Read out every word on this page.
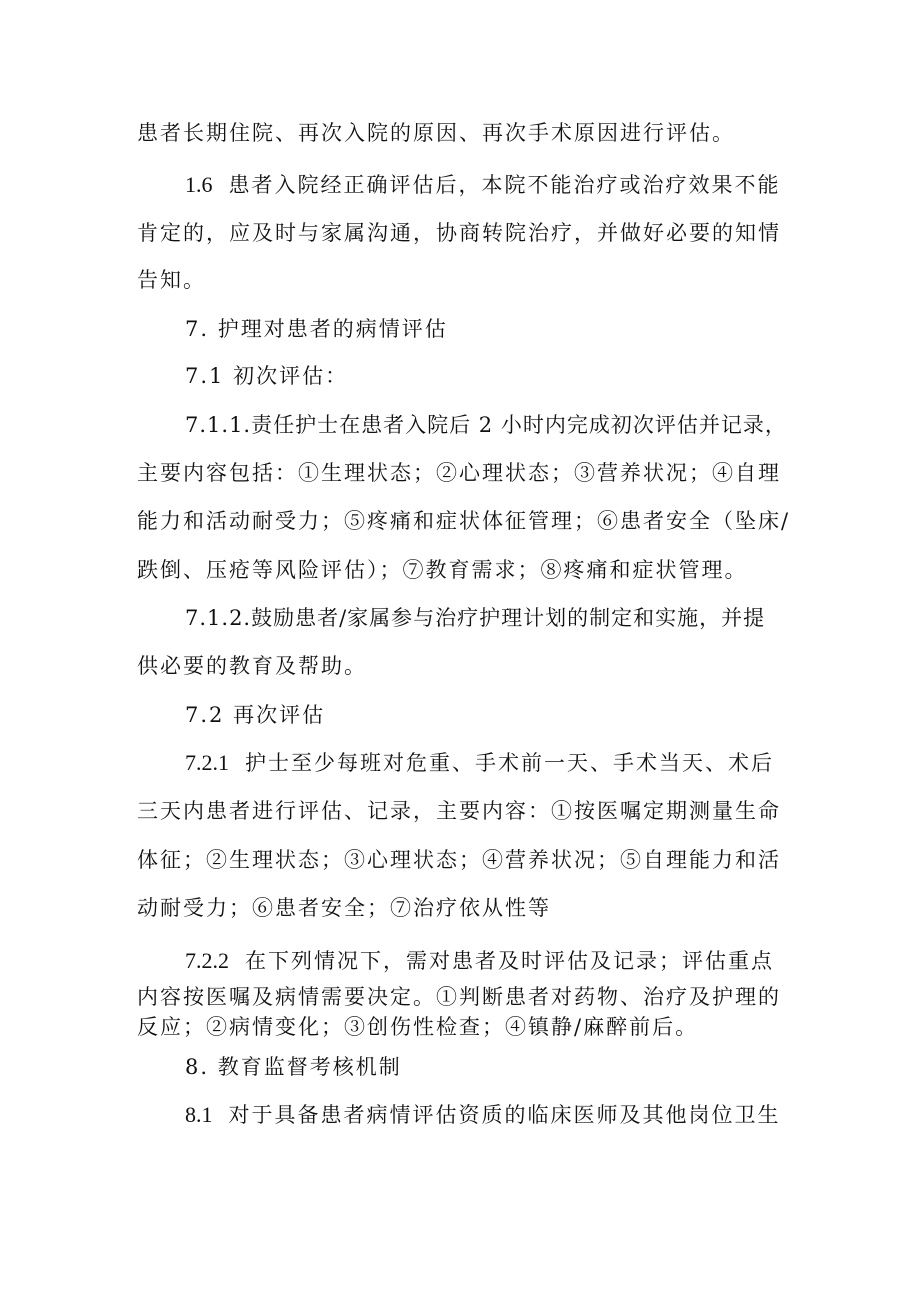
患者长期住院、再次入院的原因、再次手术原因进行评估。
1.6 患者入院经正确评估后，本院不能治疗或治疗效果不能
肯定的，应及时与家属沟通，协商转院治疗，并做好必要的知情
告知。
7. 护理对患者的病情评估
7.1 初次评估：
7.1.1.责任护士在患者入院后 2 小时内完成初次评估并记录，
主要内容包括：①生理状态；②心理状态；③营养状况；④自理
能力和活动耐受力；⑤疼痛和症状体征管理；⑥患者安全（坠床/
跌倒、压疮等风险评估）；⑦教育需求；⑧疼痛和症状管理。
7.1.2.鼓励患者/家属参与治疗护理计划的制定和实施，并提
供必要的教育及帮助。
7.2 再次评估
7.2.1 护士至少每班对危重、手术前一天、手术当天、术后
三天内患者进行评估、记录，主要内容：①按医嘱定期测量生命
体征；②生理状态；③心理状态；④营养状况；⑤自理能力和活
动耐受力；⑥患者安全；⑦治疗依从性等
7.2.2 在下列情况下，需对患者及时评估及记录；评估重点
内容按医嘱及病情需要决定。①判断患者对药物、治疗及护理的
反应；②病情变化；③创伤性检查；④镇静/麻醉前后。
8. 教育监督考核机制
8.1 对于具备患者病情评估资质的临床医师及其他岗位卫生
